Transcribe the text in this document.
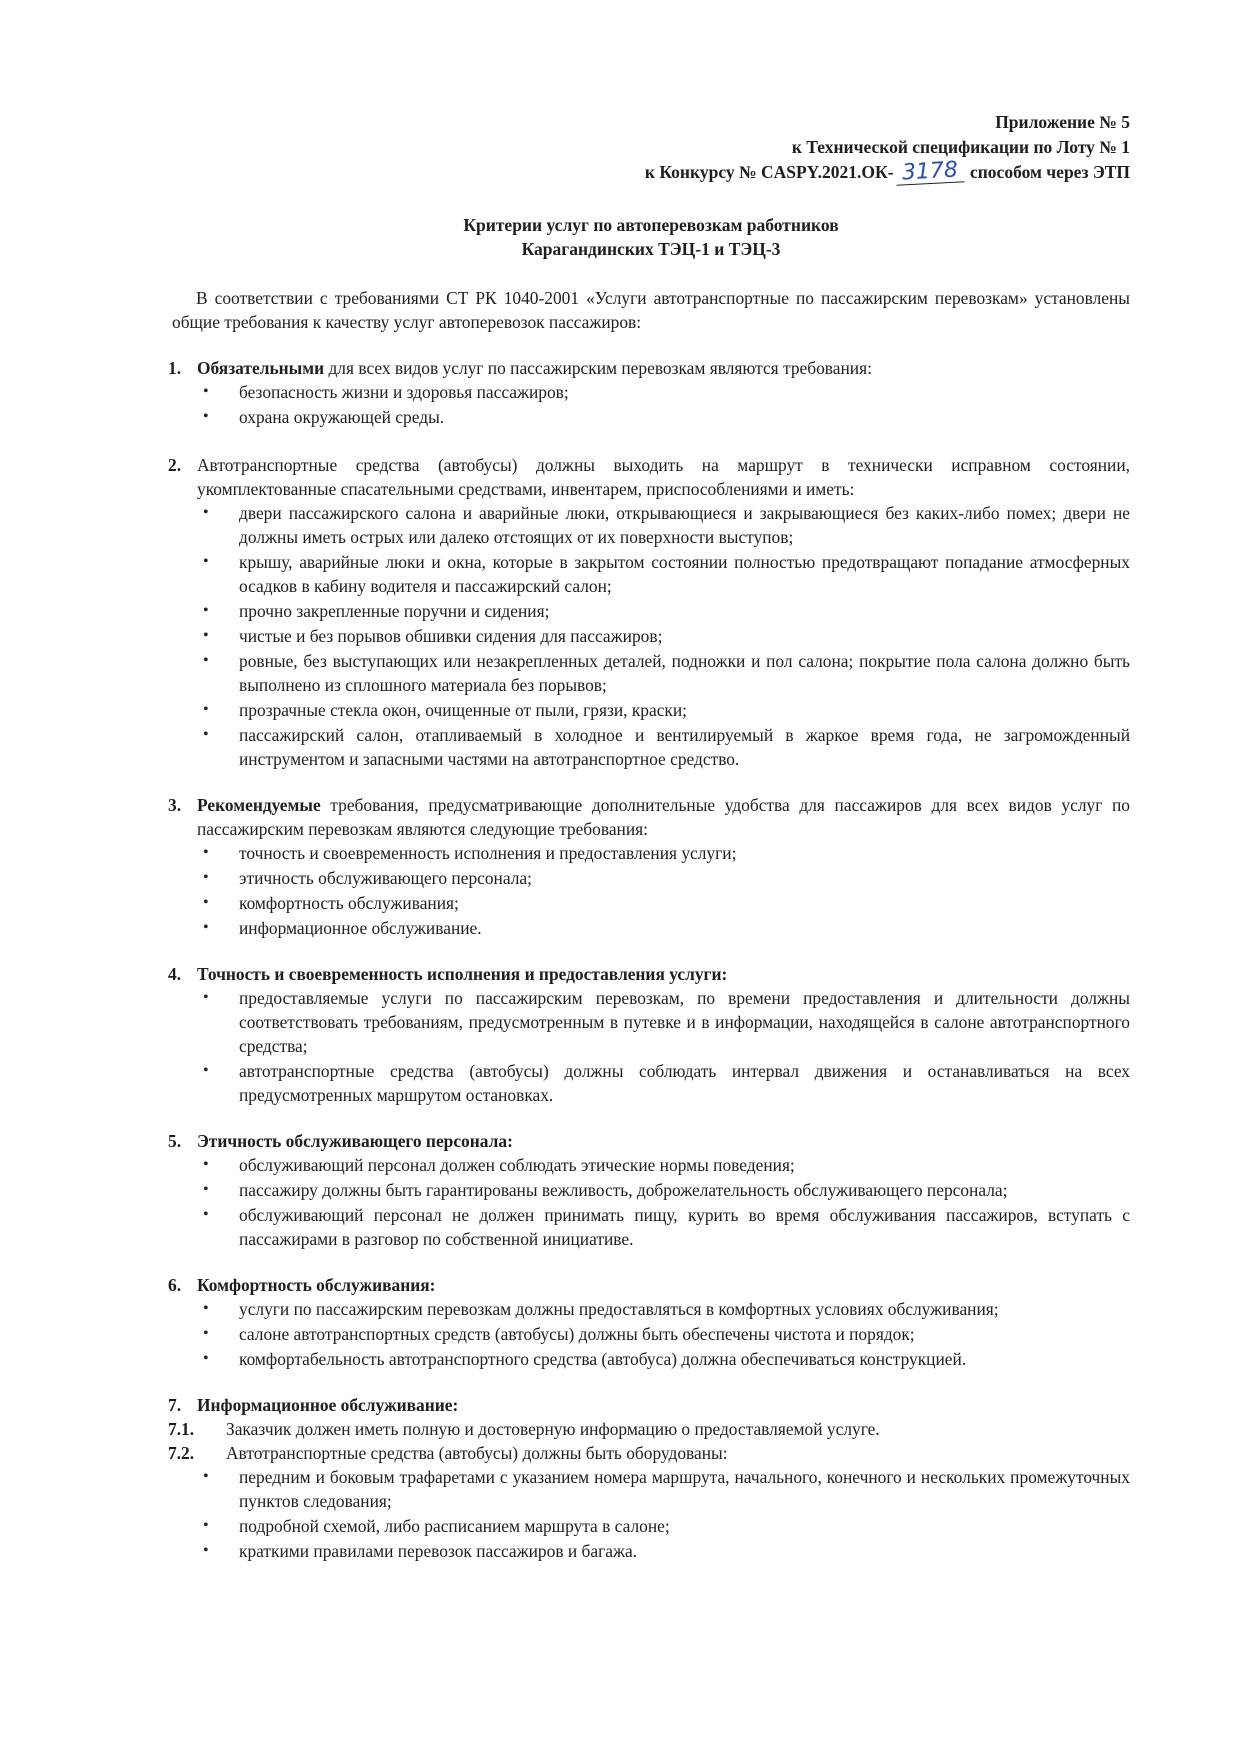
Приложение № 5
к Технической спецификации по Лоту № 1
к Конкурсу № CASPY.2021.ОК- 3178 способом через ЭТП
Критерии услуг по автоперевозкам работников
Карагандинских ТЭЦ-1 и ТЭЦ-3
В соответствии с требованиями СТ РК 1040-2001 «Услуги автотранспортные по пассажирским перевозкам» установлены общие требования к качеству услуг автоперевозок пассажиров:
1. Обязательными для всех видов услуг по пассажирским перевозкам являются требования:
• безопасность жизни и здоровья пассажиров;
• охрана окружающей среды.
2. Автотранспортные средства (автобусы) должны выходить на маршрут в технически исправном состоянии, укомплектованные спасательными средствами, инвентарем, приспособлениями и иметь:
• двери пассажирского салона и аварийные люки, открывающиеся и закрывающиеся без каких-либо помех; двери не должны иметь острых или далеко отстоящих от их поверхности выступов;
• крышу, аварийные люки и окна, которые в закрытом состоянии полностью предотвращают попадание атмосферных осадков в кабину водителя и пассажирский салон;
• прочно закрепленные поручни и сидения;
• чистые и без порывов обшивки сидения для пассажиров;
• ровные, без выступающих или незакрепленных деталей, подножки и пол салона; покрытие пола салона должно быть выполнено из сплошного материала без порывов;
• прозрачные стекла окон, очищенные от пыли, грязи, краски;
• пассажирский салон, отапливаемый в холодное и вентилируемый в жаркое время года, не загроможденный инструментом и запасными частями на автотранспортное средство.
3. Рекомендуемые требования, предусматривающие дополнительные удобства для пассажиров для всех видов услуг по пассажирским перевозкам являются следующие требования:
• точность и своевременность исполнения и предоставления услуги;
• этичность обслуживающего персонала;
• комфортность обслуживания;
• информационное обслуживание.
4. Точность и своевременность исполнения и предоставления услуги:
• предоставляемые услуги по пассажирским перевозкам, по времени предоставления и длительности должны соответствовать требованиям, предусмотренным в путевке и в информации, находящейся в салоне автотранспортного средства;
• автотранспортные средства (автобусы) должны соблюдать интервал движения и останавливаться на всех предусмотренных маршрутом остановках.
5. Этичность обслуживающего персонала:
• обслуживающий персонал должен соблюдать этические нормы поведения;
• пассажиру должны быть гарантированы вежливость, доброжелательность обслуживающего персонала;
• обслуживающий персонал не должен принимать пищу, курить во время обслуживания пассажиров, вступать с пассажирами в разговор по собственной инициативе.
6. Комфортность обслуживания:
• услуги по пассажирским перевозкам должны предоставляться в комфортных условиях обслуживания;
• салоне автотранспортных средств (автобусы) должны быть обеспечены чистота и порядок;
• комфортабельность автотранспортного средства (автобуса) должна обеспечиваться конструкцией.
7. Информационное обслуживание:
7.1.	Заказчик должен иметь полную и достоверную информацию о предоставляемой услуге.
7.2.	Автотранспортные средства (автобусы) должны быть оборудованы:
• передним и боковым трафаретами с указанием номера маршрута, начального, конечного и нескольких промежуточных пунктов следования;
• подробной схемой, либо расписанием маршрута в салоне;
• краткими правилами перевозок пассажиров и багажа.
